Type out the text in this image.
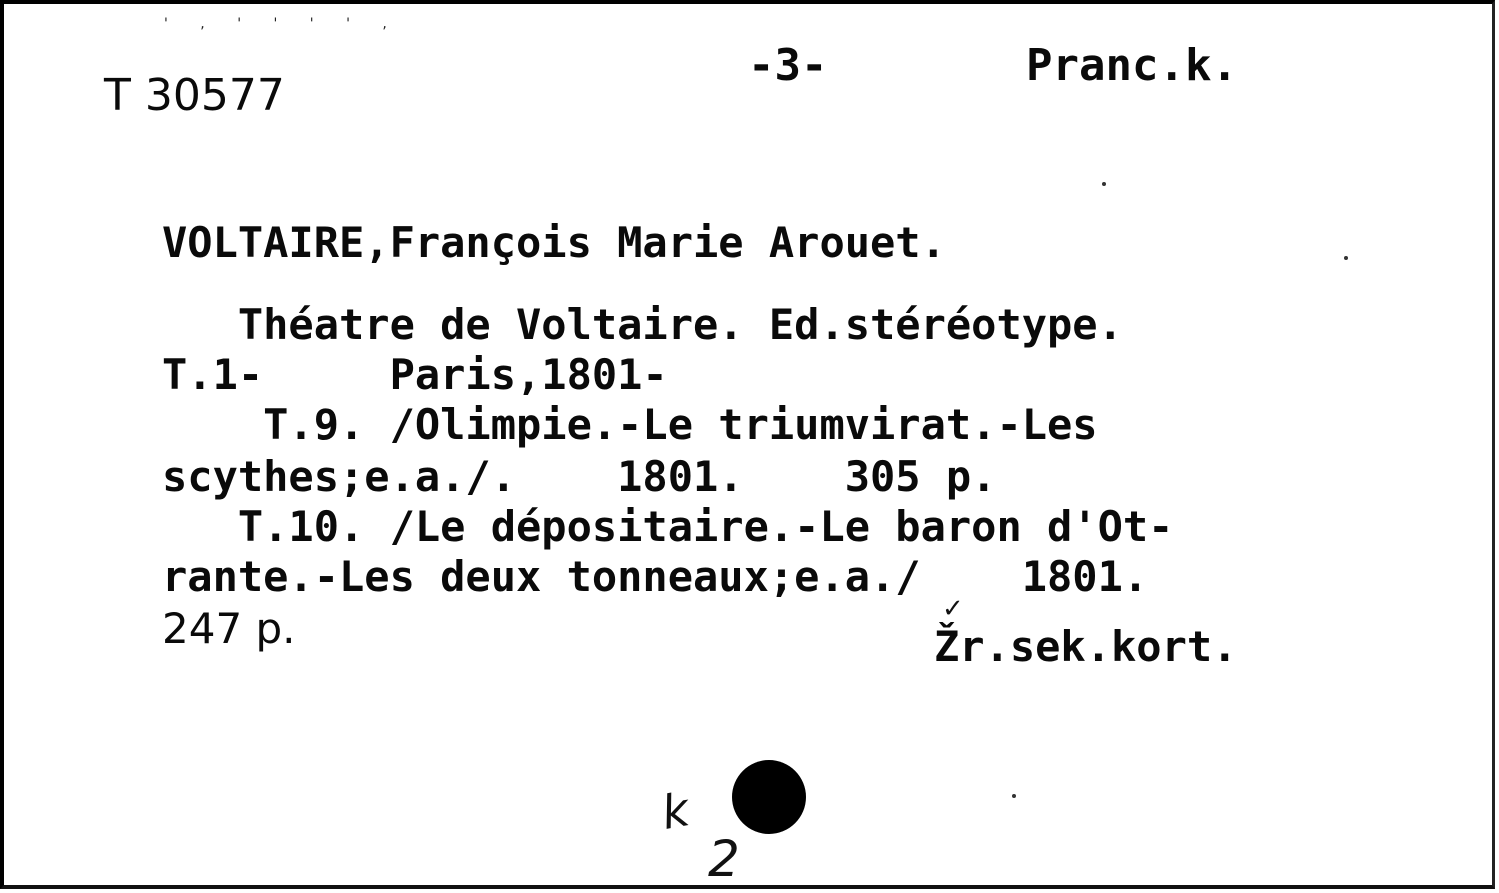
' , ' ' ' ' ,
T 30577
-3-	Pranc.k.
VOLTAIRE,François Marie Arouet.
Théatre de Voltaire. Ed.stéréotype.
T.1-     Paris,1801-
T.9. /Olimpie.-Le triumvirat.-Les
scythes;e.a./.    1801.    305 p.
T.10. /Le dépositaire.-Le baron d'Ot-
rante.-Les deux tonneaux;e.a./    1801.
247 p.	✓
Žr.sek.kort.
k
2
